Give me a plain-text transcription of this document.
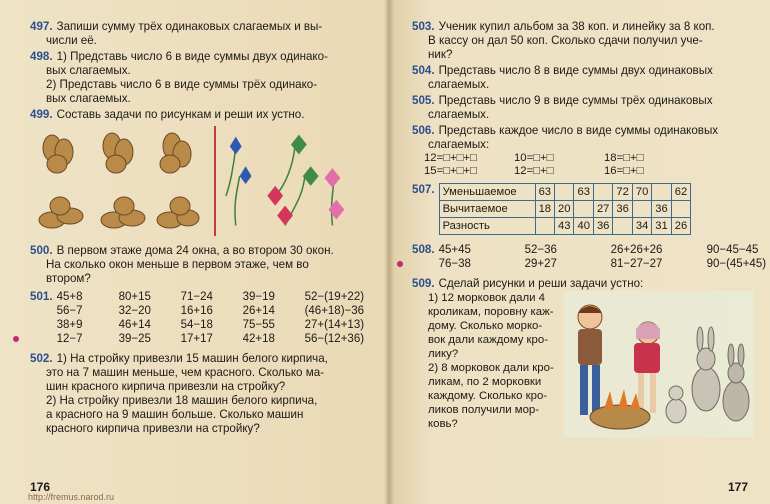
497. Запиши сумму трёх одинаковых слагаемых и вы-

числи её.

498. 1) Представь число 6 в виде суммы двух одинако-

вых слагаемых.

2) Представь число 6 в виде суммы трёх одинако-

вых слагаемых.

499. Составь задачи по рисункам и реши их устно.

500. В первом этаже дома 24 окна, а во втором 30 окон.

На сколько окон меньше в первом этаже, чем во

втором?

501. 45+8	80+15	71−24	39−19	52−(19+22)
56−7	32−20	16+16	26+14	(46+18)−36
38+9	46+14	54−18	75−55	27+(14+13)
12−7	39−25	17+17	42+18	56−(12+36)

502. 1) На стройку привезли 15 машин белого кирпича,

это на 7 машин меньше, чем красного. Сколько ма-

шин красного кирпича привезли на стройку?

2) На стройку привезли 18 машин белого кирпича,

а красного на 9 машин больше. Сколько машин

красного кирпича привезли на стройку?

176
http://fremus.narod.ru

503. Ученик купил альбом за 38 коп. и линейку за 8 коп.

В кассу он дал 50 коп. Сколько сдачи получил уче-

ник?

504. Представь число 8 в виде суммы двух одинаковых

слагаемых.

505. Представь число 9 в виде суммы трёх одинаковых

слагаемых.

506. Представь каждое число в виде суммы одинаковых

слагаемых:

12=□+□+□	10=□+□	18=□+□
15=□+□+□	12=□+□	16=□+□
507. Уменьшаемое	63		63		72	70		62
Вычитаемое	18	20		27	36		36	
Разность		43	40	36		34	31	26
508. 45+45	52−36	26+26+26	90−45−45
76−38	29+27	81−27−27	90−(45+45)

509. Сделай рисунки и реши задачи устно:

1) 12 морковок дали 4

кроликам, поровну каж-

дому. Сколько морко-

вок дали каждому кро-

лику?

2) 8 морковок дали кро-

ликам, по 2 морковки

каждому. Сколько кро-

ликов получили мор-

ковь?

177
